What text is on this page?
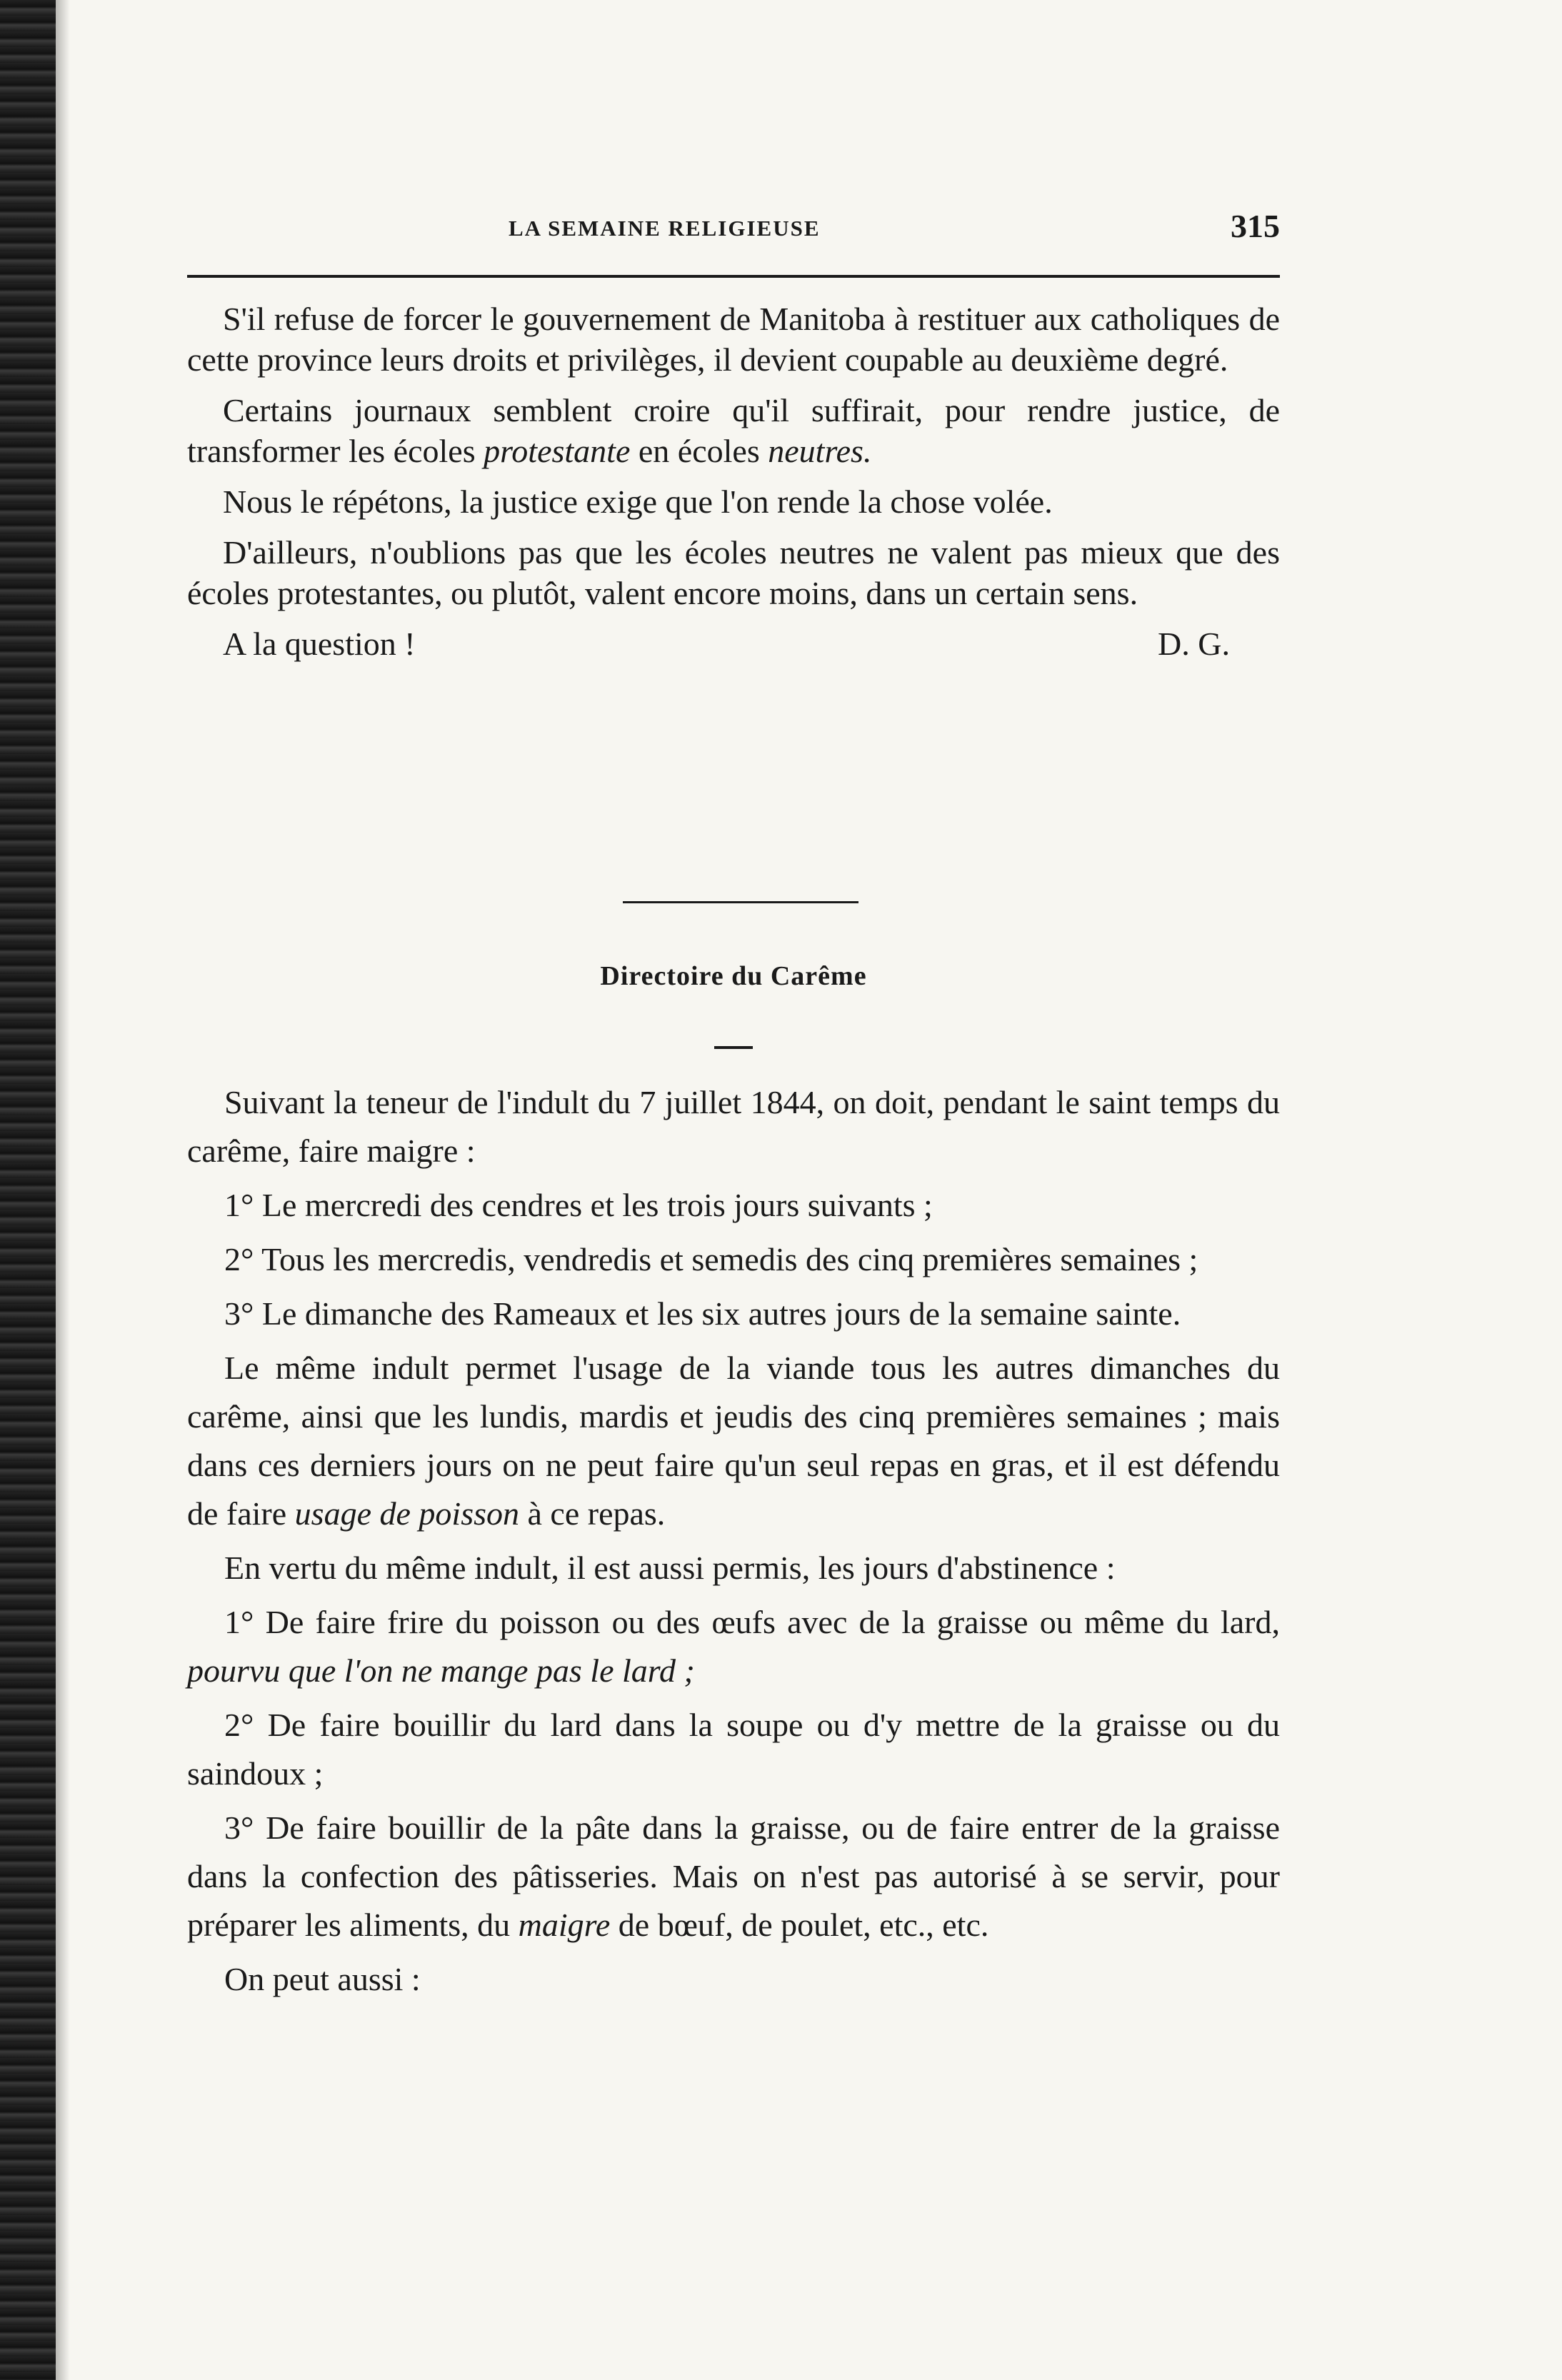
LA SEMAINE RELIGIEUSE	315

S'il refuse de forcer le gouvernement de Manitoba à restituer aux catholiques de cette province leurs droits et privilèges, il devient coupable au deuxième degré.

Certains journaux semblent croire qu'il suffirait, pour rendre justice, de transformer les écoles protestante en écoles neutres.

Nous le répétons, la justice exige que l'on rende la chose volée.

D'ailleurs, n'oublions pas que les écoles neutres ne valent pas mieux que des écoles protestantes, ou plutôt, valent encore moins, dans un certain sens.

A la question !	D. G.
Directoire du Carême

Suivant la teneur de l'indult du 7 juillet 1844, on doit, pendant le saint temps du carême, faire maigre :

1° Le mercredi des cendres et les trois jours suivants ;

2° Tous les mercredis, vendredis et semedis des cinq premières semaines ;

3° Le dimanche des Rameaux et les six autres jours de la semaine sainte.

Le même indult permet l'usage de la viande tous les autres dimanches du carême, ainsi que les lundis, mardis et jeudis des cinq premières semaines ; mais dans ces derniers jours on ne peut faire qu'un seul repas en gras, et il est défendu de faire usage de poisson à ce repas.

En vertu du même indult, il est aussi permis, les jours d'abstinence :

1° De faire frire du poisson ou des œufs avec de la graisse ou même du lard, pourvu que l'on ne mange pas le lard ;

2° De faire bouillir du lard dans la soupe ou d'y mettre de la graisse ou du saindoux ;

3° De faire bouillir de la pâte dans la graisse, ou de faire entrer de la graisse dans la confection des pâtisseries. Mais on n'est pas autorisé à se servir, pour préparer les aliments, du maigre de bœuf, de poulet, etc., etc.

On peut aussi :
